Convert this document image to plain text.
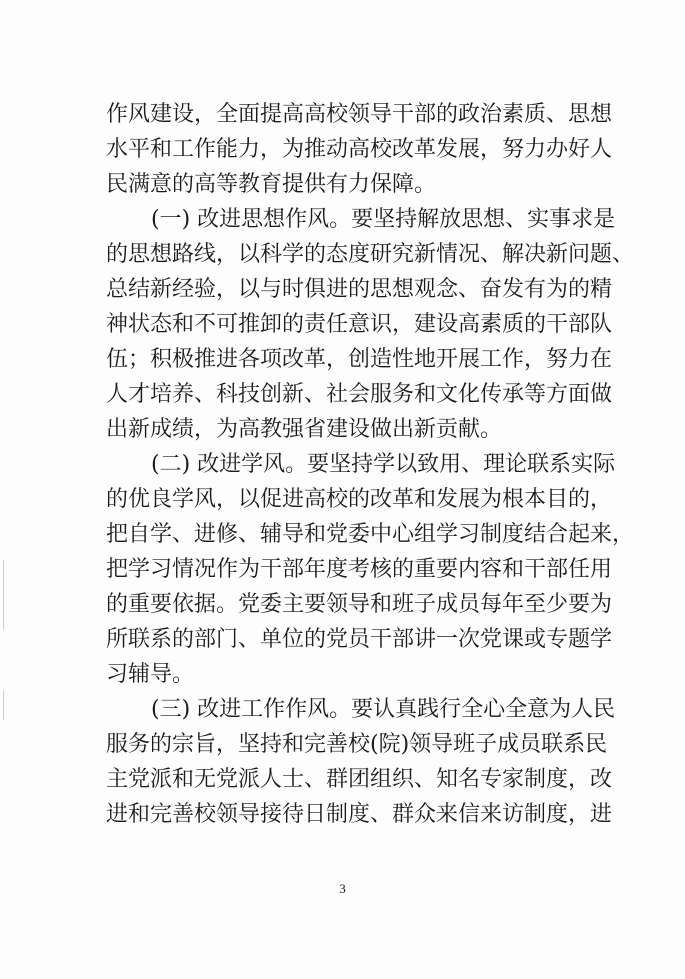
作风建设，全面提高高校领导干部的政治素质、思想
水平和工作能力，为推动高校改革发展，努力办好人
民满意的高等教育提供有力保障。
(一) 改进思想作风。要坚持解放思想、实事求是
的思想路线，以科学的态度研究新情况、解决新问题、
总结新经验，以与时俱进的思想观念、奋发有为的精
神状态和不可推卸的责任意识，建设高素质的干部队
伍；积极推进各项改革，创造性地开展工作，努力在
人才培养、科技创新、社会服务和文化传承等方面做
出新成绩，为高教强省建设做出新贡献。
(二) 改进学风。要坚持学以致用、理论联系实际
的优良学风，以促进高校的改革和发展为根本目的，
把自学、进修、辅导和党委中心组学习制度结合起来，
把学习情况作为干部年度考核的重要内容和干部任用
的重要依据。党委主要领导和班子成员每年至少要为
所联系的部门、单位的党员干部讲一次党课或专题学
习辅导。
(三) 改进工作作风。要认真践行全心全意为人民
服务的宗旨，坚持和完善校(院)领导班子成员联系民
主党派和无党派人士、群团组织、知名专家制度，改
进和完善校领导接待日制度、群众来信来访制度，进
3
